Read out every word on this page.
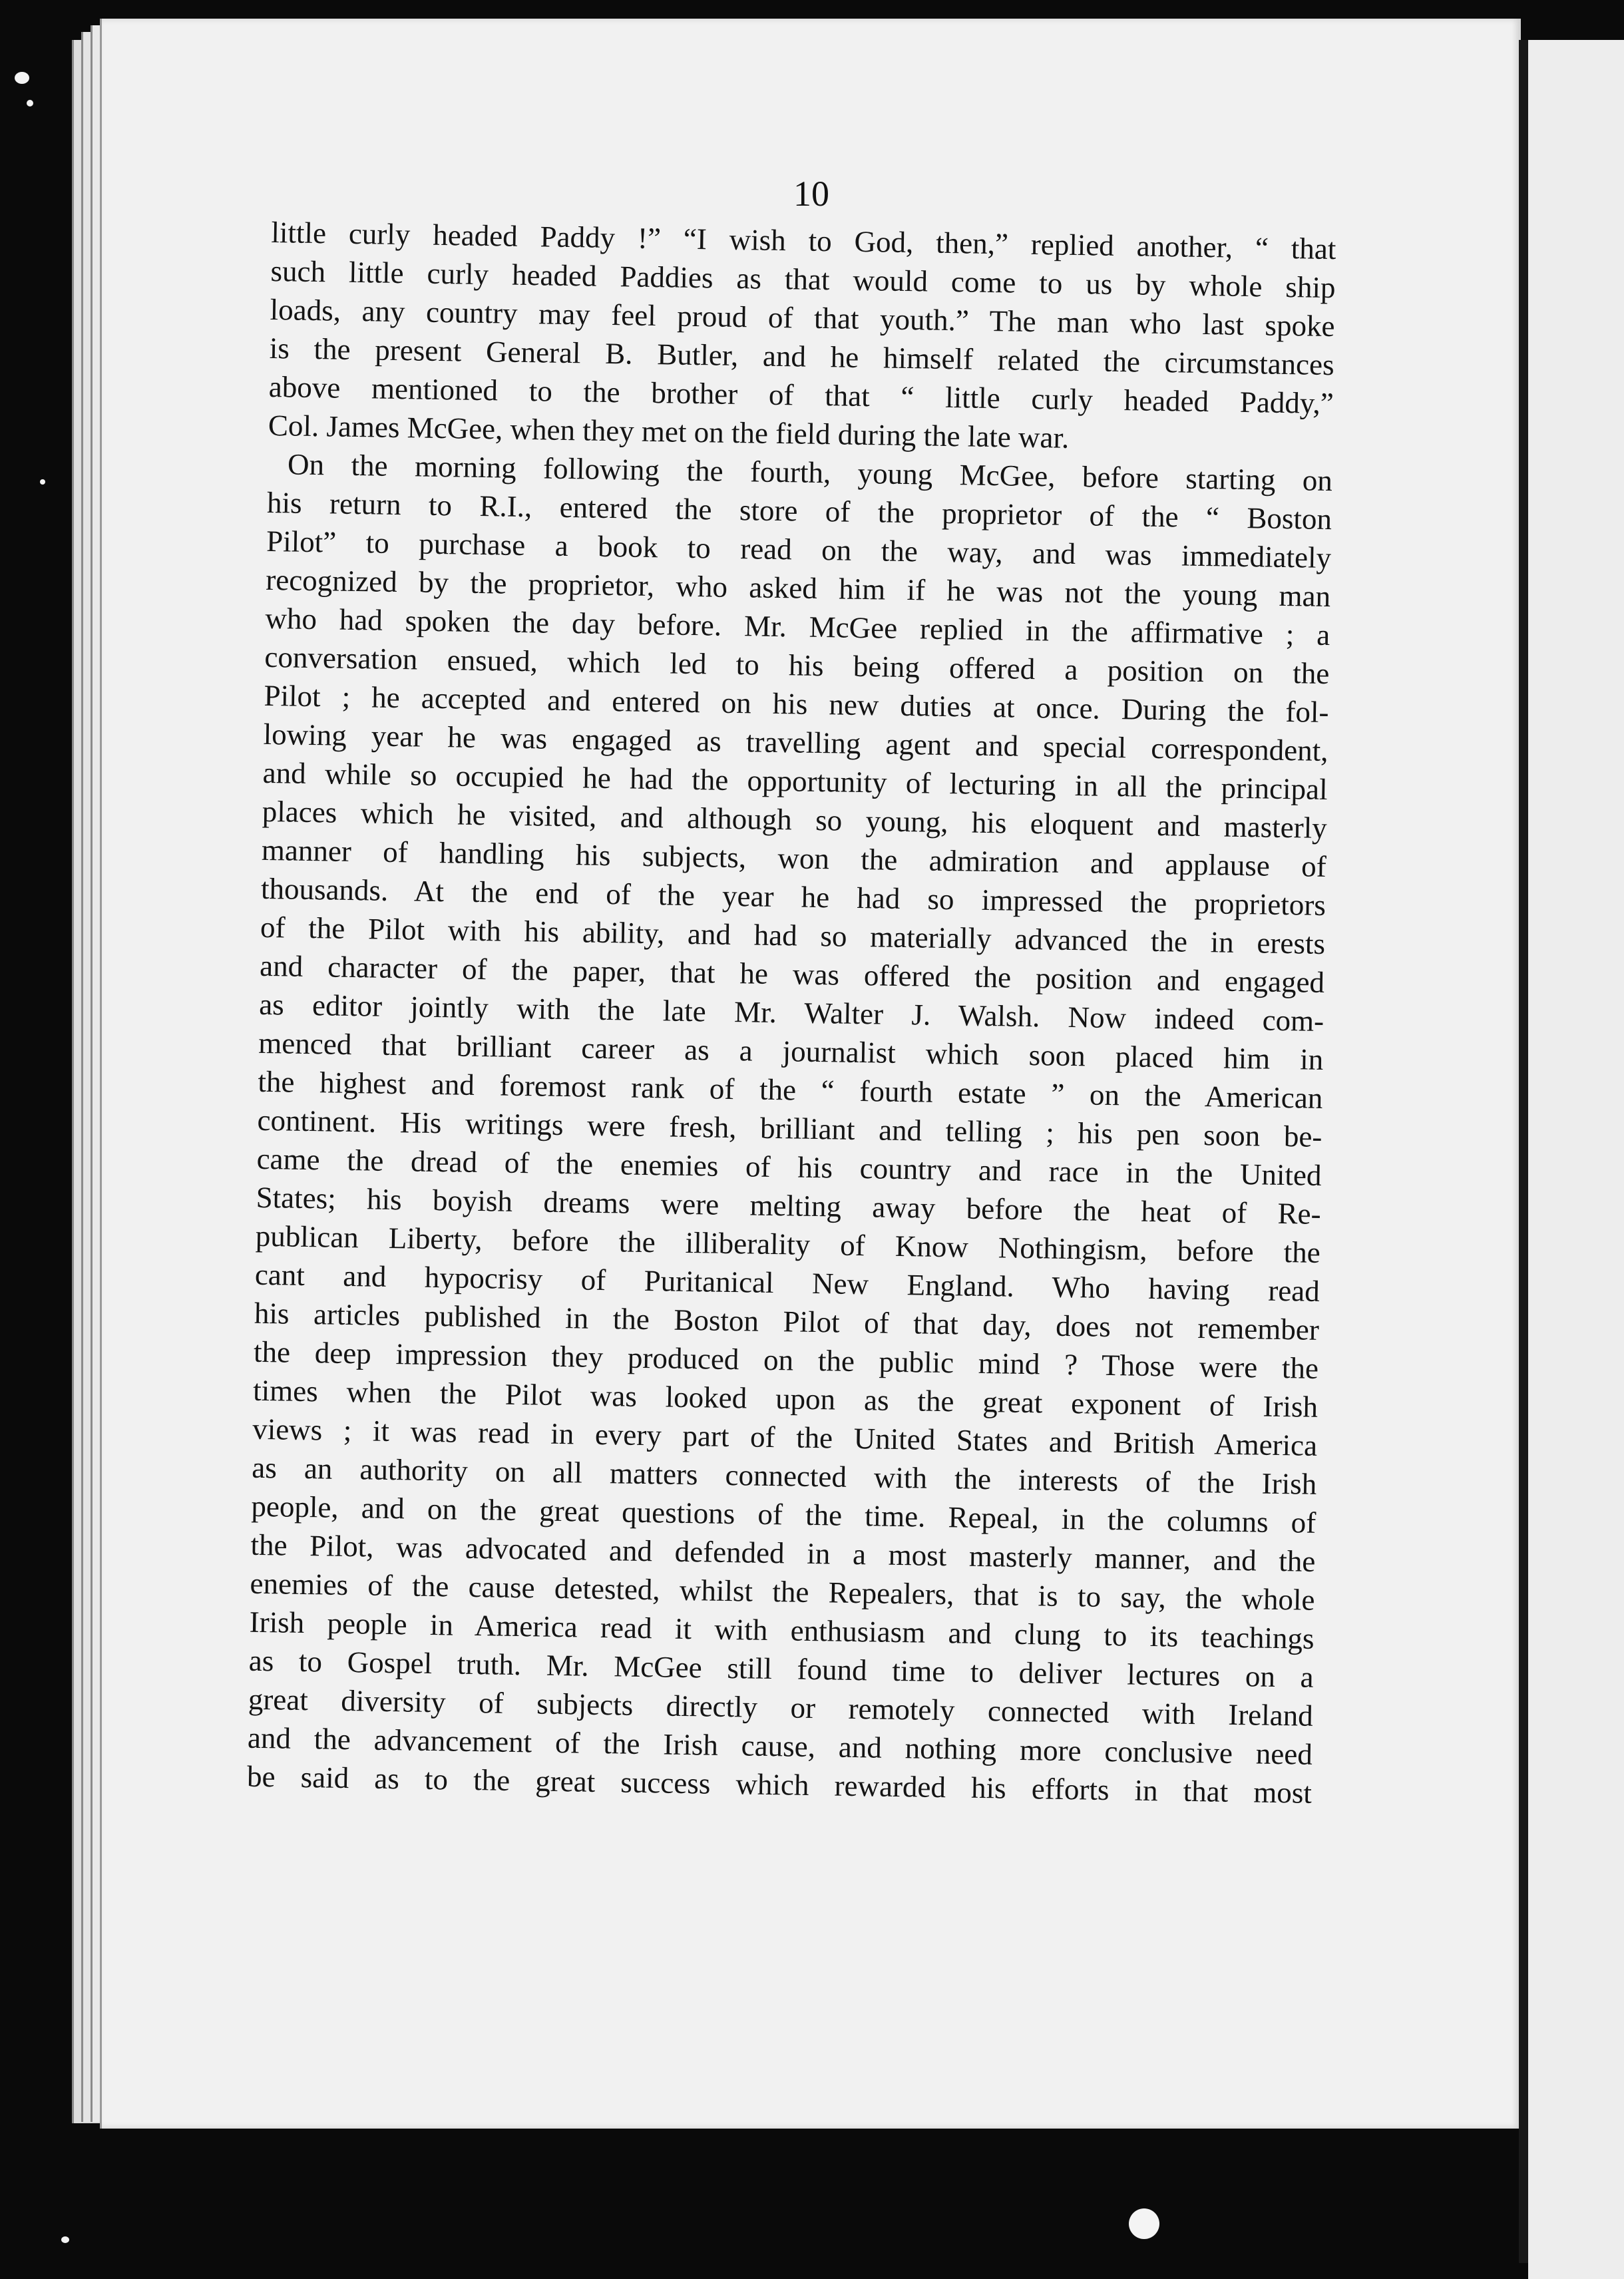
10
little curly headed Paddy !” “I wish to God, then,” replied another, “ that
such little curly headed Paddies as that would come to us by whole ship
loads, any country may feel proud of that youth.” The man who last spoke
is the present General B. Butler, and he himself related the circumstances
above mentioned to the brother of that “ little curly headed Paddy,”
Col. James McGee, when they met on the field during the late war.
On the morning following the fourth, young McGee, before starting on
his return to R.I., entered the store of the proprietor of the “ Boston
Pilot” to purchase a book to read on the way, and was immediately
recognized by the proprietor, who asked him if he was not the young man
who had spoken the day before. Mr. McGee replied in the affirmative ; a
conversation ensued, which led to his being offered a position on the
Pilot ; he accepted and entered on his new duties at once. During the fol-
lowing year he was engaged as travelling agent and special correspondent,
and while so occupied he had the opportunity of lecturing in all the principal
places which he visited, and although so young, his eloquent and masterly
manner of handling his subjects, won the admiration and applause of
thousands. At the end of the year he had so impressed the proprietors
of the Pilot with his ability, and had so materially advanced the in erests
and character of the paper, that he was offered the position and engaged
as editor jointly with the late Mr. Walter J. Walsh. Now indeed com-
menced that brilliant career as a journalist which soon placed him in
the highest and foremost rank of the “ fourth estate ” on the American
continent. His writings were fresh, brilliant and telling ; his pen soon be-
came the dread of the enemies of his country and race in the United
States; his boyish dreams were melting away before the heat of Re-
publican Liberty, before the illiberality of Know Nothingism, before the
cant and hypocrisy of Puritanical New England. Who having read
his articles published in the Boston Pilot of that day, does not remember
the deep impression they produced on the public mind ? Those were the
times when the Pilot was looked upon as the great exponent of Irish
views ; it was read in every part of the United States and British America
as an authority on all matters connected with the interests of the Irish
people, and on the great questions of the time. Repeal, in the columns of
the Pilot, was advocated and defended in a most masterly manner, and the
enemies of the cause detested, whilst the Repealers, that is to say, the whole
Irish people in America read it with enthusiasm and clung to its teachings
as to Gospel truth. Mr. McGee still found time to deliver lectures on a
great diversity of subjects directly or remotely connected with Ireland
and the advancement of the Irish cause, and nothing more conclusive need
be said as to the great success which rewarded his efforts in that most
